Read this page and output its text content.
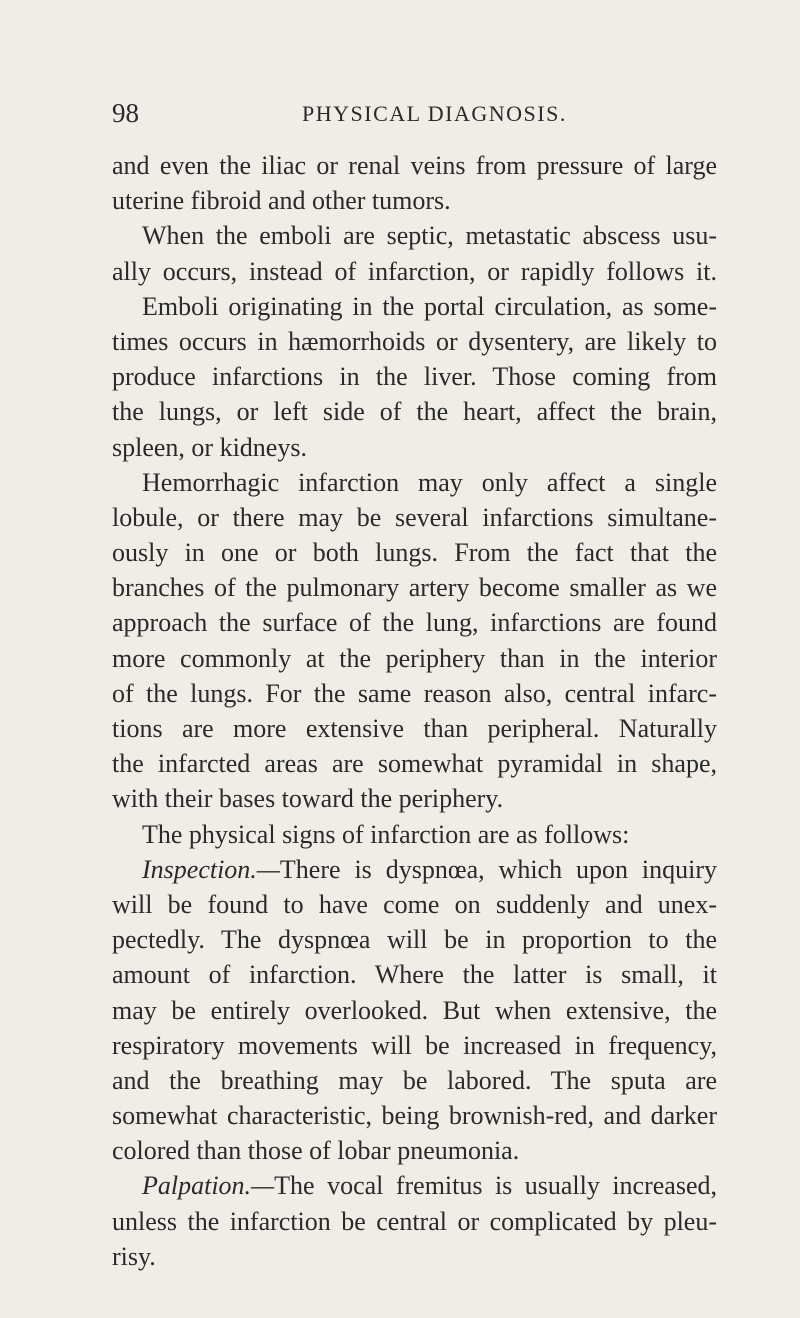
98	PHYSICAL DIAGNOSIS.
and even the iliac or renal veins from pressure of large
uterine fibroid and other tumors.
When the emboli are septic, metastatic abscess usu-
ally occurs, instead of infarction, or rapidly follows it.
Emboli originating in the portal circulation, as some-
times occurs in hæmorrhoids or dysentery, are likely to
produce infarctions in the liver. Those coming from
the lungs, or left side of the heart, affect the brain,
spleen, or kidneys.
Hemorrhagic infarction may only affect a single
lobule, or there may be several infarctions simultane-
ously in one or both lungs. From the fact that the
branches of the pulmonary artery become smaller as we
approach the surface of the lung, infarctions are found
more commonly at the periphery than in the interior
of the lungs. For the same reason also, central infarc-
tions are more extensive than peripheral. Naturally
the infarcted areas are somewhat pyramidal in shape,
with their bases toward the periphery.
The physical signs of infarction are as follows:
Inspection.—There is dyspnœa, which upon inquiry
will be found to have come on suddenly and unex-
pectedly. The dyspnœa will be in proportion to the
amount of infarction. Where the latter is small, it
may be entirely overlooked. But when extensive, the
respiratory movements will be increased in frequency,
and the breathing may be labored. The sputa are
somewhat characteristic, being brownish-red, and darker
colored than those of lobar pneumonia.
Palpation.—The vocal fremitus is usually increased,
unless the infarction be central or complicated by pleu-
risy.
